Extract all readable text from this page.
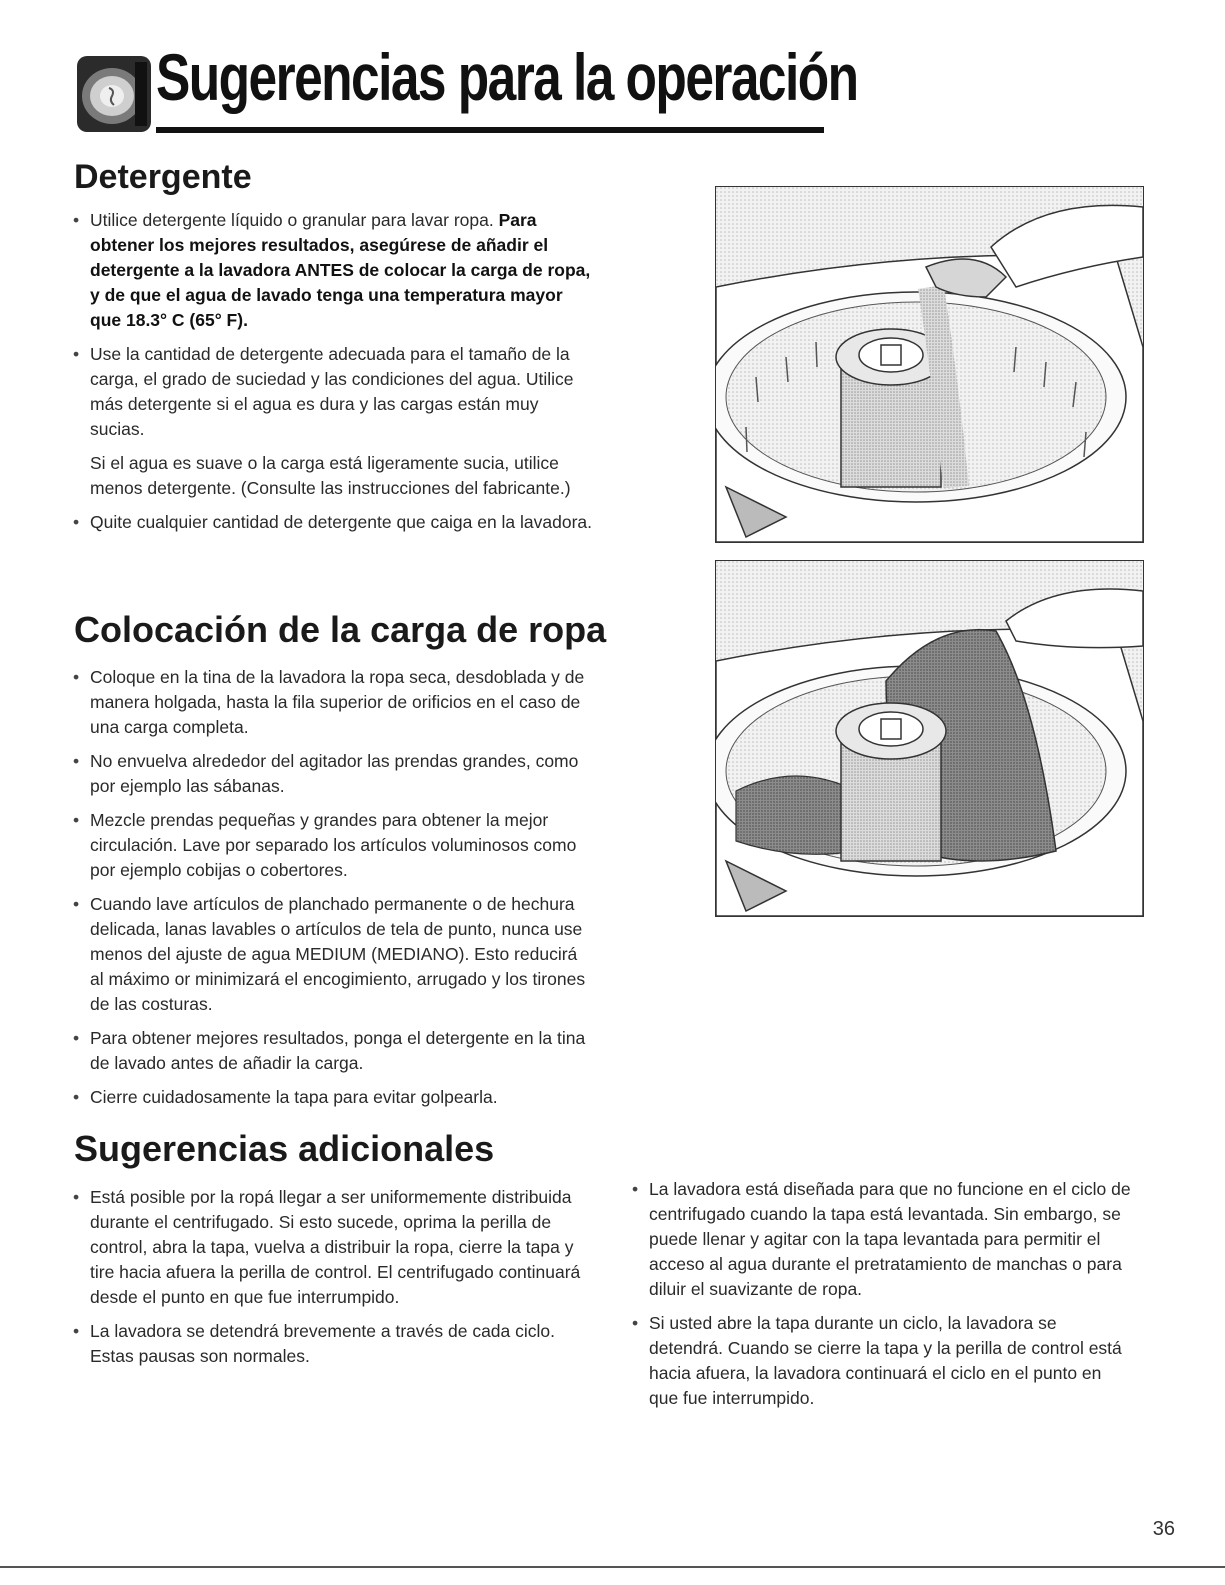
Sugerencias para la operación
Detergente
• Utilice detergente líquido o granular para lavar ropa. Para obtener los mejores resultados, asegúrese de añadir el detergente a la lavadora ANTES de colocar la carga de ropa, y de que el agua de lavado tenga una temperatura mayor que 18.3° C (65° F).
• Use la cantidad de detergente adecuada para el tamaño de la carga, el grado de suciedad y las condiciones del agua. Utilice más detergente si el agua es dura y las cargas están muy sucias.
Si el agua es suave o la carga está ligeramente sucia, utilice menos detergente. (Consulte las instrucciones del fabricante.)
• Quite cualquier cantidad de detergente que caiga en la lavadora.
Colocación de la carga de ropa
• Coloque en la tina de la lavadora la ropa seca, desdoblada y de manera holgada, hasta la fila superior de orificios en el caso de una carga completa.
• No envuelva alrededor del agitador las prendas grandes, como por ejemplo las sábanas.
• Mezcle prendas pequeñas y grandes para obtener la mejor circulación. Lave por separado los artículos voluminosos como por ejemplo cobijas o cobertores.
• Cuando lave artículos de planchado permanente o de hechura delicada, lanas lavables o artículos de tela de punto, nunca use menos del ajuste de agua MEDIUM (MEDIANO). Esto reducirá al máximo or minimizará el encogimiento, arrugado y los tirones de las costuras.
• Para obtener mejores resultados, ponga el detergente en la tina de lavado antes de añadir la carga.
• Cierre cuidadosamente la tapa para evitar golpearla.
Sugerencias adicionales
• Está posible por la ropá llegar a ser uniformemente distribuida durante el centrifugado. Si esto sucede, oprima la perilla de control, abra la tapa, vuelva a distribuir la ropa, cierre la tapa y tire hacia afuera la perilla de control. El centrifugado continuará desde el punto en que fue interrumpido.
• La lavadora se detendrá brevemente a través de cada ciclo. Estas pausas son normales.
• La lavadora está diseñada para que no funcione en el ciclo de centrifugado cuando la tapa está levantada. Sin embargo, se puede llenar y agitar con la tapa levantada para permitir el acceso al agua durante el pretratamiento de manchas o para diluir el suavizante de ropa.
• Si usted abre la tapa durante un ciclo, la lavadora se detendrá. Cuando se cierre la tapa y la perilla de control está hacia afuera, la lavadora continuará el ciclo en el punto en que fue interrumpido.
36
